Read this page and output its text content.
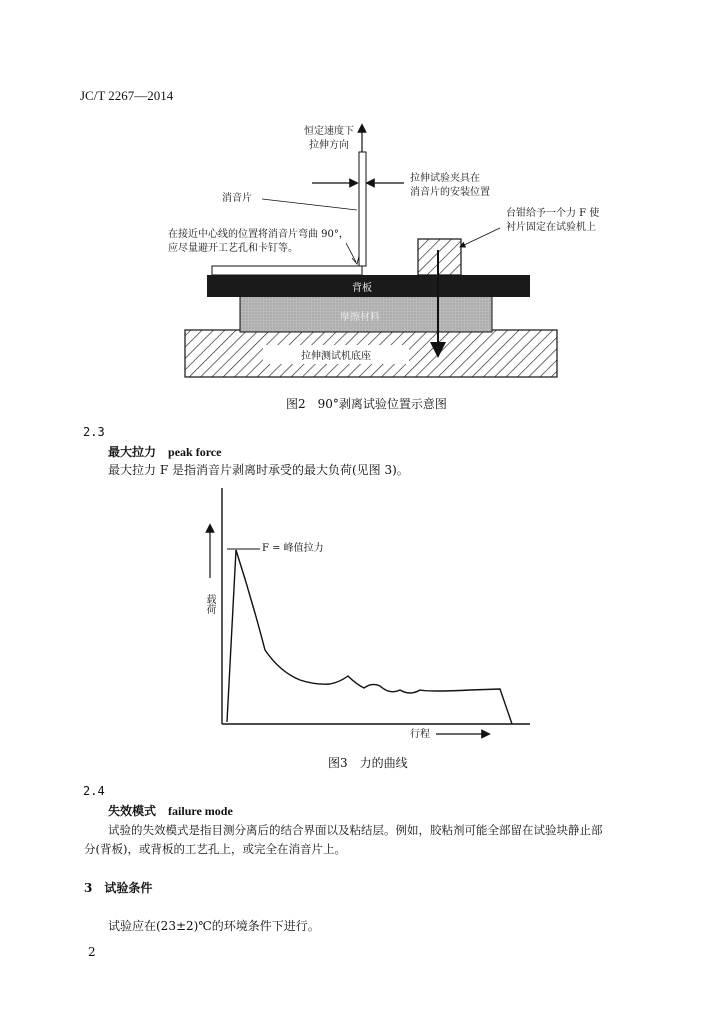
JC/T 2267—2014
恒定速度下
拉伸方向
拉伸试验夹具在
消音片的安装位置
消音片
在接近中心线的位置将消音片弯曲 90°，
应尽量避开工艺孔和卡钉等。
台钳给予一个力 F 使
衬片固定在试验机上
背板
摩擦材料
拉伸测试机底座
图2　90°剥离试验位置示意图
2.3
最大拉力　 peak force
最大拉力 F 是指消音片剥离时承受的最大负荷(见图 3)。
F = 峰值拉力
载荷
行程
图3　力的曲线
2.4
失效模式　 failure mode
试验的失效模式是指目测分离后的结合界面以及粘结层。例如，胶粘剂可能全部留在试验块静止部
分(背板)，或背板的工艺孔上，或完全在消音片上。
3　 试验条件
试验应在(23±2)℃的环境条件下进行。
2
